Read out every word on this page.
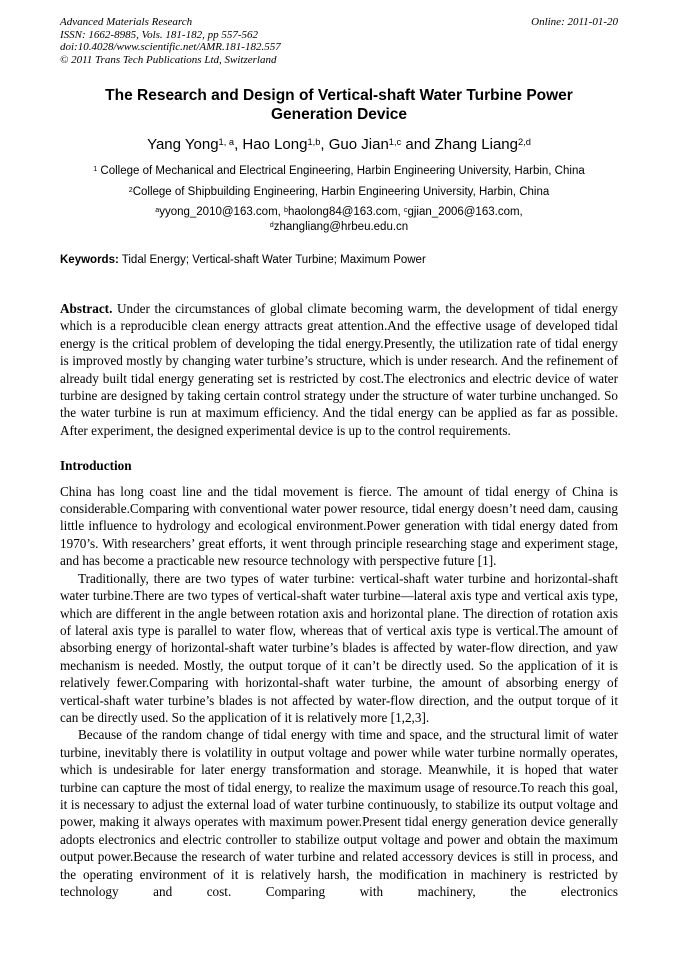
Advanced Materials Research
ISSN: 1662-8985, Vols. 181-182, pp 557-562
doi:10.4028/www.scientific.net/AMR.181-182.557
© 2011 Trans Tech Publications Ltd, Switzerland
Online: 2011-01-20
The Research and Design of Vertical-shaft Water Turbine Power
Generation Device
Yang Yong$^{1, a}$, Hao Long$^{1,b}$, Guo Jian$^{1,c}$ and Zhang Liang$^{2,d}$
$^1$ College of Mechanical and Electrical Engineering, Harbin Engineering University, Harbin, China
$^2$College of Shipbuilding Engineering, Harbin Engineering University, Harbin, China
$^a$yyong_2010@163.com, $^b$haolong84@163.com, $^c$gjian_2006@163.com,
$^d$zhangliang@hrbeu.edu.cn
Keywords: Tidal Energy; Vertical-shaft Water Turbine; Maximum Power

Abstract. Under the circumstances of global climate becoming warm, the development of tidal energy which is a reproducible clean energy attracts great attention.And the effective usage of developed tidal energy is the critical problem of developing the tidal energy.Presently, the utilization rate of tidal energy is improved mostly by changing water turbine’s structure, which is under research. And the refinement of already built tidal energy generating set is restricted by cost.The electronics and electric device of water turbine are designed by taking certain control strategy under the structure of water turbine unchanged. So the water turbine is run at maximum efficiency. And the tidal energy can be applied as far as possible. After experiment, the designed experimental device is up to the control requirements.

Introduction

China has long coast line and the tidal movement is fierce. The amount of tidal energy of China is considerable.Comparing with conventional water power resource, tidal energy doesn’t need dam, causing little influence to hydrology and ecological environment.Power generation with tidal energy dated from 1970’s. With researchers’ great efforts, it went through principle researching stage and experiment stage, and has become a practicable new resource technology with perspective future [1].

Traditionally, there are two types of water turbine: vertical-shaft water turbine and horizontal-shaft water turbine.There are two types of vertical-shaft water turbine—lateral axis type and vertical axis type, which are different in the angle between rotation axis and horizontal plane. The direction of rotation axis of lateral axis type is parallel to water flow, whereas that of vertical axis type is vertical.The amount of absorbing energy of horizontal-shaft water turbine’s blades is affected by water-flow direction, and yaw mechanism is needed. Mostly, the output torque of it can’t be directly used. So the application of it is relatively fewer.Comparing with horizontal-shaft water turbine, the amount of absorbing energy of vertical-shaft water turbine’s blades is not affected by water-flow direction, and the output torque of it can be directly used. So the application of it is relatively more [1,2,3].

Because of the random change of tidal energy with time and space, and the structural limit of water turbine, inevitably there is volatility in output voltage and power while water turbine normally operates, which is undesirable for later energy transformation and storage. Meanwhile, it is hoped that water turbine can capture the most of tidal energy, to realize the maximum usage of resource.To reach this goal, it is necessary to adjust the external load of water turbine continuously, to stabilize its output voltage and power, making it always operates with maximum power.Present tidal energy generation device generally adopts electronics and electric controller to stabilize output voltage and power and obtain the maximum output power.Because the research of water turbine and related accessory devices is still in process, and the operating environment of it is relatively harsh, the modification in machinery is restricted by technology and cost. Comparing with machinery, the electronics
